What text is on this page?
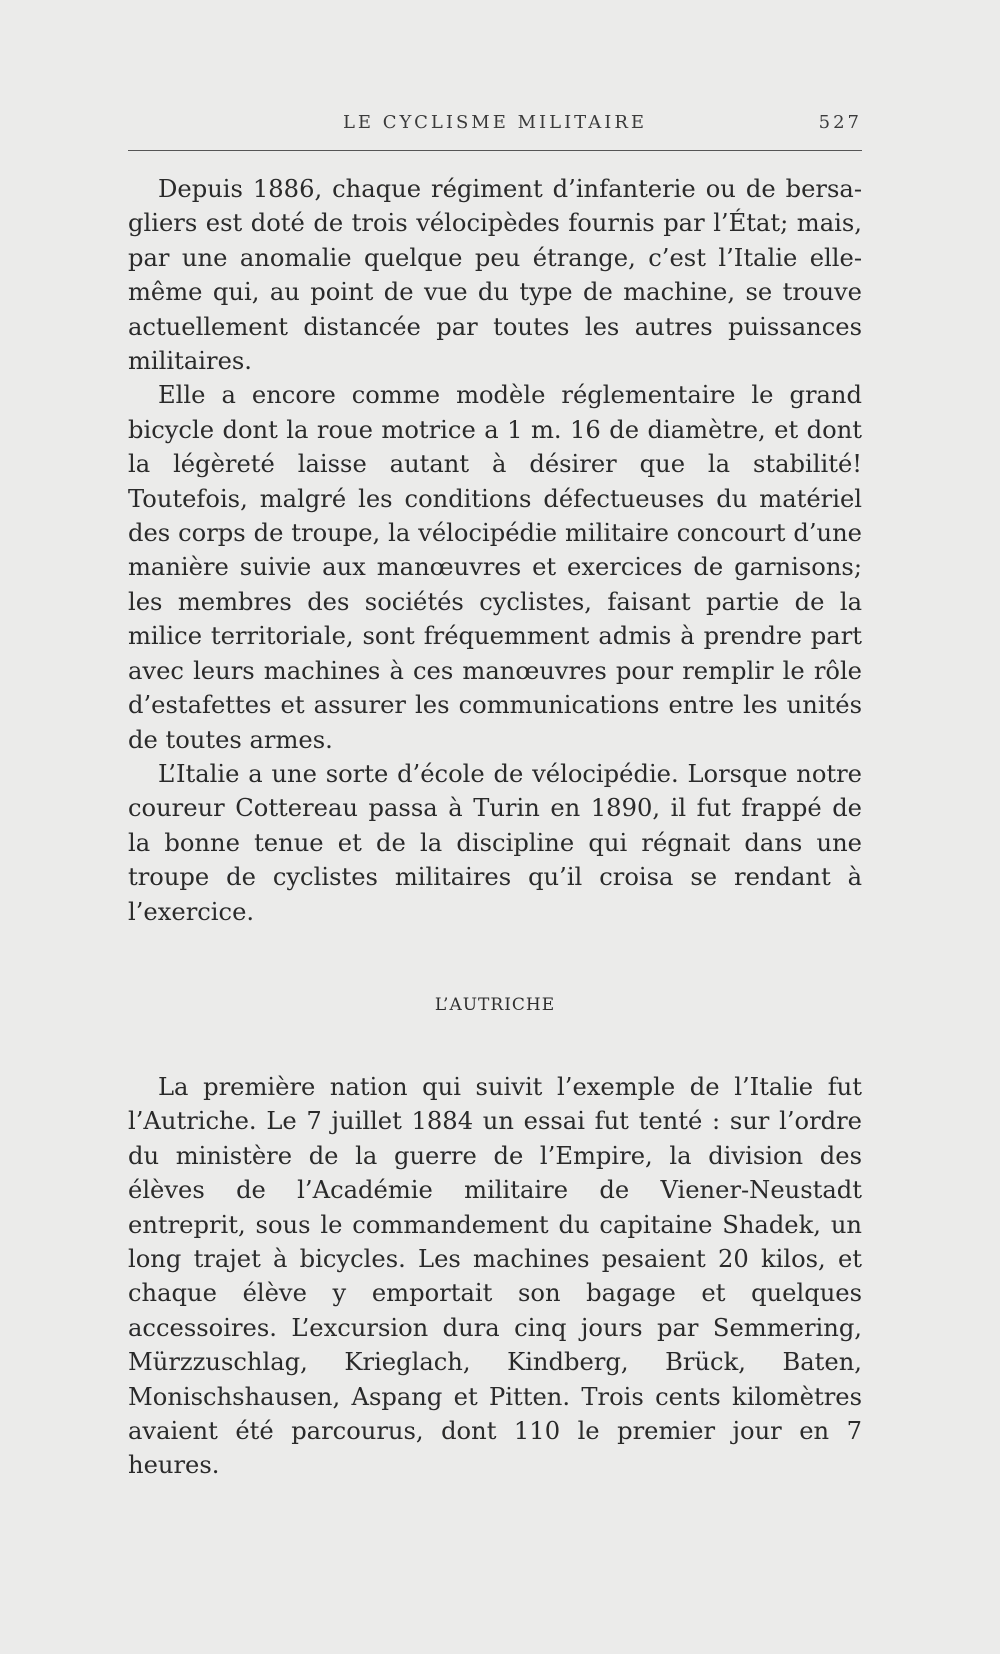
LE CYCLISME MILITAIRE	527

Depuis 1886, chaque régiment d’infanterie ou de bersagliers est doté de trois vélocipèdes fournis par l’État; mais, par une anomalie quelque peu étrange, c’est l’Italie ellemême qui, au point de vue du type de machine, se trouve actuellement distancée par toutes les autres puissances militaires.

Elle a encore comme modèle réglementaire le grand bicycle dont la roue motrice a 1 m. 16 de diamètre, et dont la légèreté laisse autant à désirer que la stabilité! Toutefois, malgré les conditions défectueuses du matériel des corps de troupe, la vélocipédie militaire concourt d’une manière suivie aux manœuvres et exercices de garnisons; les membres des sociétés cyclistes, faisant partie de la milice territoriale, sont fréquemment admis à prendre part avec leurs machines à ces manœuvres pour remplir le rôle d’estafettes et assurer les communications entre les unités de toutes armes.

L’Italie a une sorte d’école de vélocipédie. Lorsque notre coureur Cottereau passa à Turin en 1890, il fut frappé de la bonne tenue et de la discipline qui régnait dans une troupe de cyclistes militaires qu’il croisa se rendant à l’exercice.

L’AUTRICHE

La première nation qui suivit l’exemple de l’Italie fut l’Autriche. Le 7 juillet 1884 un essai fut tenté : sur l’ordre du ministère de la guerre de l’Empire, la division des élèves de l’Académie militaire de Viener-Neustadt entreprit, sous le commandement du capitaine Shadek, un long trajet à bicycles. Les machines pesaient 20 kilos, et chaque élève y emportait son bagage et quelques accessoires. L’excursion dura cinq jours par Semmering, Mürzzuschlag, Krieglach, Kindberg, Brück, Baten, Monischshausen, Aspang et Pitten. Trois cents kilomètres avaient été parcourus, dont 110 le premier jour en 7 heures.
